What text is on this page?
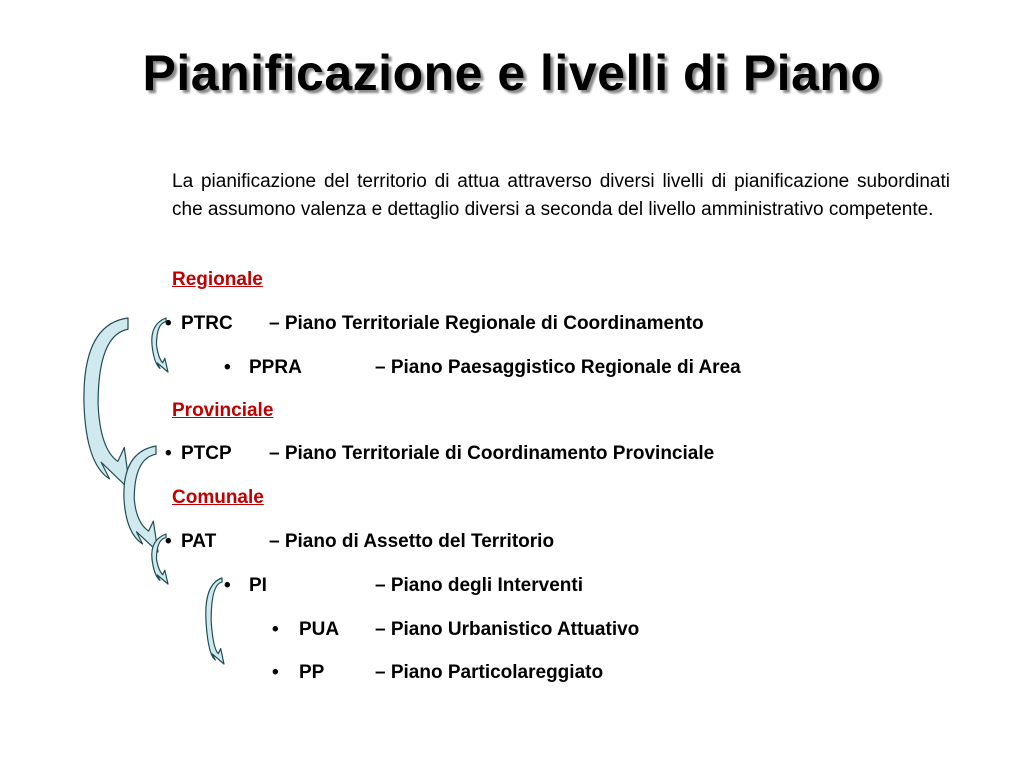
Pianificazione e livelli di Piano
La pianificazione del territorio di attua attraverso diversi livelli di pianificazione subordinati che assumono valenza e dettaglio diversi a seconda del livello amministrativo competente.
Regionale
• PTRC – Piano Territoriale Regionale di Coordinamento
• PPRA	– Piano Paesaggistico Regionale di Area
Provinciale
• PTCP – Piano Territoriale di Coordinamento Provinciale
Comunale
• PAT	– Piano di Assetto del Territorio
• PI	– Piano degli Interventi
• PUA – Piano Urbanistico Attuativo
• PP	– Piano Particolareggiato
